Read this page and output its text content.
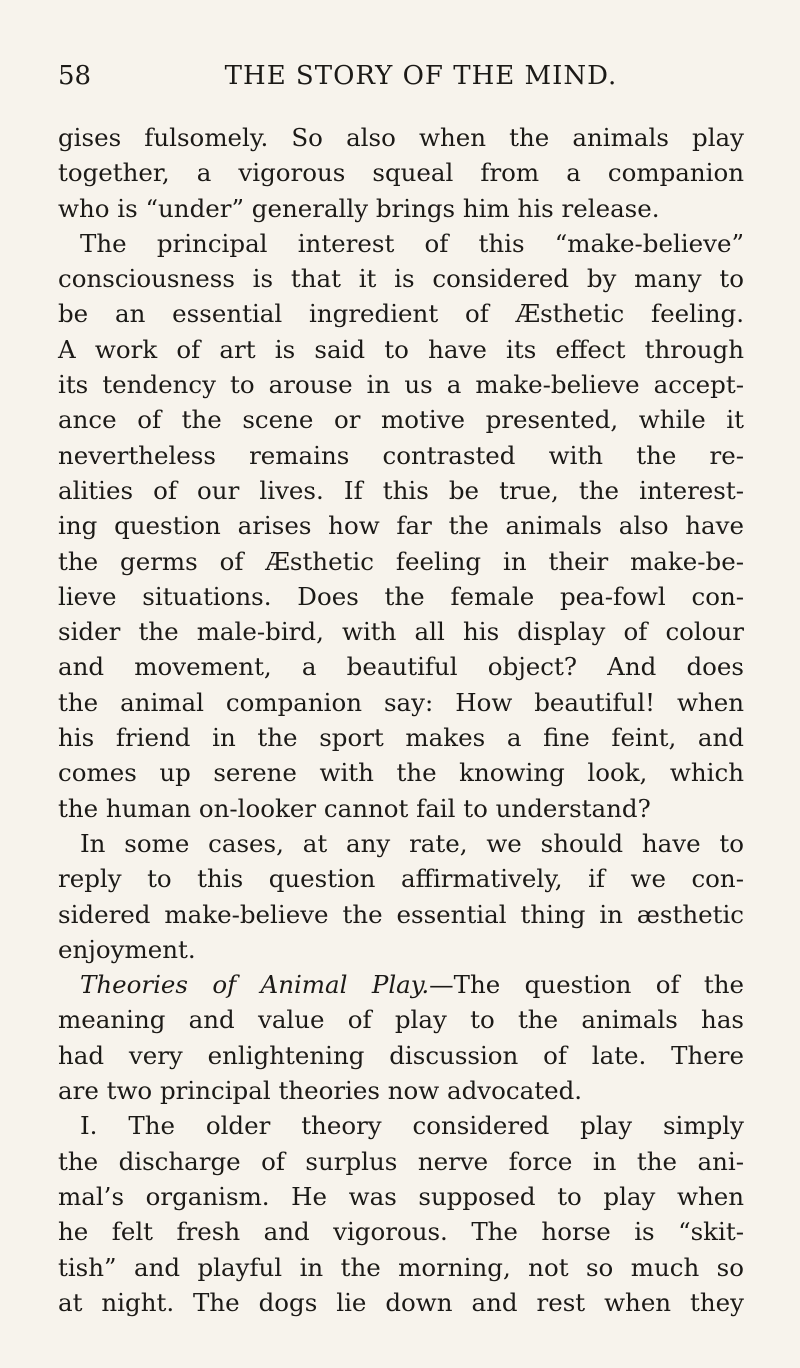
58	THE STORY OF THE MIND.
gises fulsomely. So also when the animals play
together, a vigorous squeal from a companion
who is “under” generally brings him his release.
The principal interest of this “make-believe”
consciousness is that it is considered by many to
be an essential ingredient of Æsthetic feeling.
A work of art is said to have its effect through
its tendency to arouse in us a make-believe accept-
ance of the scene or motive presented, while it
nevertheless remains contrasted with the re-
alities of our lives. If this be true, the interest-
ing question arises how far the animals also have
the germs of Æsthetic feeling in their make-be-
lieve situations. Does the female pea-fowl con-
sider the male-bird, with all his display of colour
and movement, a beautiful object? And does
the animal companion say: How beautiful! when
his friend in the sport makes a fine feint, and
comes up serene with the knowing look, which
the human on-looker cannot fail to understand?
In some cases, at any rate, we should have to
reply to this question affirmatively, if we con-
sidered make-believe the essential thing in æsthetic
enjoyment.
Theories of Animal Play.—The question of the
meaning and value of play to the animals has
had very enlightening discussion of late. There
are two principal theories now advocated.
I. The older theory considered play simply
the discharge of surplus nerve force in the ani-
mal’s organism. He was supposed to play when
he felt fresh and vigorous. The horse is “skit-
tish” and playful in the morning, not so much so
at night. The dogs lie down and rest when they
